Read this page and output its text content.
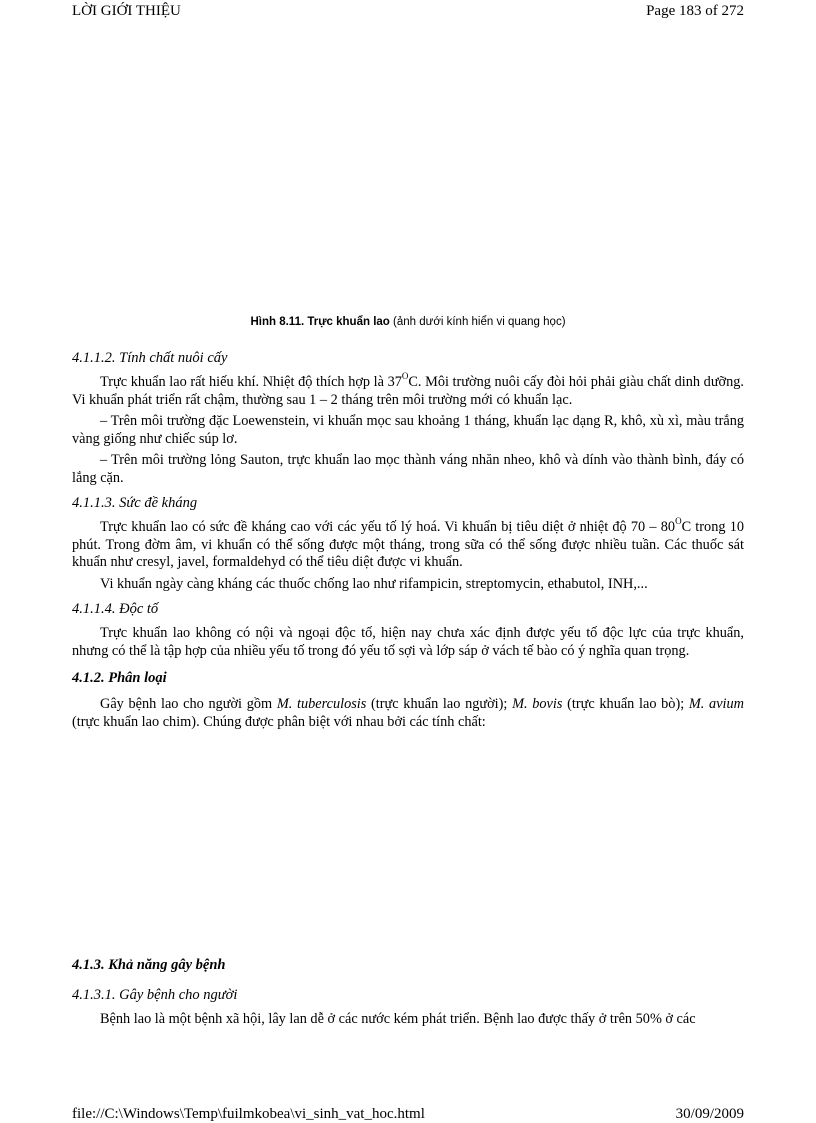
LỜI GIỚI THIỆU	Page 183 of 272
Hình 8.11. Trực khuẩn lao (ảnh dưới kính hiển vi quang học)
4.1.1.2. Tính chất nuôi cấy

Trực khuẩn lao rất hiếu khí. Nhiệt độ thích hợp là $37^OC$. Môi trường nuôi cấy đòi hỏi phải giàu chất dinh dưỡng. Vi khuẩn phát triển rất chậm, thường sau 1 – 2 tháng trên môi trường mới có khuẩn lạc.

– Trên môi trường đặc Loewenstein, vi khuẩn mọc sau khoảng 1 tháng, khuẩn lạc dạng R, khô, xù xì, màu trắng vàng giống như chiếc súp lơ.

– Trên môi trường lỏng Sauton, trực khuẩn lao mọc thành váng nhăn nheo, khô và dính vào thành bình, đáy có lắng cặn.

4.1.1.3. Sức đề kháng

Trực khuẩn lao có sức đề kháng cao với các yếu tố lý hoá. Vi khuẩn bị tiêu diệt ở nhiệt độ $70 - 80^OC$ trong 10 phút. Trong đờm âm, vi khuẩn có thể sống được một tháng, trong sữa có thể sống được nhiều tuần. Các thuốc sát khuẩn như cresyl, javel, formaldehyd có thể tiêu diệt được vi khuẩn.

Vi khuẩn ngày càng kháng các thuốc chống lao như rifampicin, streptomycin, ethabutol, INH,...

4.1.1.4. Độc tố

Trực khuẩn lao không có nội và ngoại độc tố, hiện nay chưa xác định được yếu tố độc lực của trực khuẩn, nhưng có thể là tập hợp của nhiều yếu tố trong đó yếu tố sợi và lớp sáp ở vách tế bào có ý nghĩa quan trọng.

4.1.2. Phân loại

Gây bệnh lao cho người gồm M. tuberculosis (trực khuẩn lao người); M. bovis (trực khuẩn lao bò); M. avium (trực khuẩn lao chim). Chúng được phân biệt với nhau bởi các tính chất:

4.1.3. Khả năng gây bệnh
4.1.3.1. Gây bệnh cho người

Bệnh lao là một bệnh xã hội, lây lan dễ ở các nước kém phát triển. Bệnh lao được thấy ở trên 50% ở các

file://C:\Windows\Temp\fuilmkobea\vi_sinh_vat_hoc.html	30/09/2009
